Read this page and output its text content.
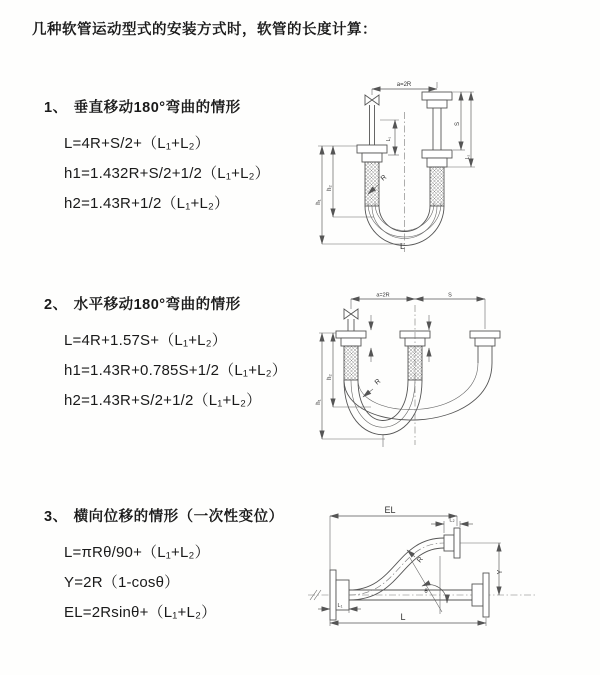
几种软管运动型式的安装方式时，软管的长度计算：
1、 垂直移动180°弯曲的情形
L=4R+S/2+（L₁+L₂）
h1=1.432R+S/2+1/2（L₁+L₂）
h2=1.43R+1/2（L₁+L₂）
2、 水平移动180°弯曲的情形
L=4R+1.57S+（L₁+L₂）
h1=1.43R+0.785S+1/2（L₁+L₂）
h2=1.43R+S/2+1/2（L₁+L₂）
3、 横向位移的情形（一次性变位）
L=πRθ/90+（L₁+L₂）
Y=2R（1-cosθ）
EL=2Rsinθ+（L₁+L₂）
a=2R
h₁
h₂
L₁
S
L₂
R
L
a=2R	S
h₁
h₂
R
EL
L₂
Y
L
L₁
θ
R
